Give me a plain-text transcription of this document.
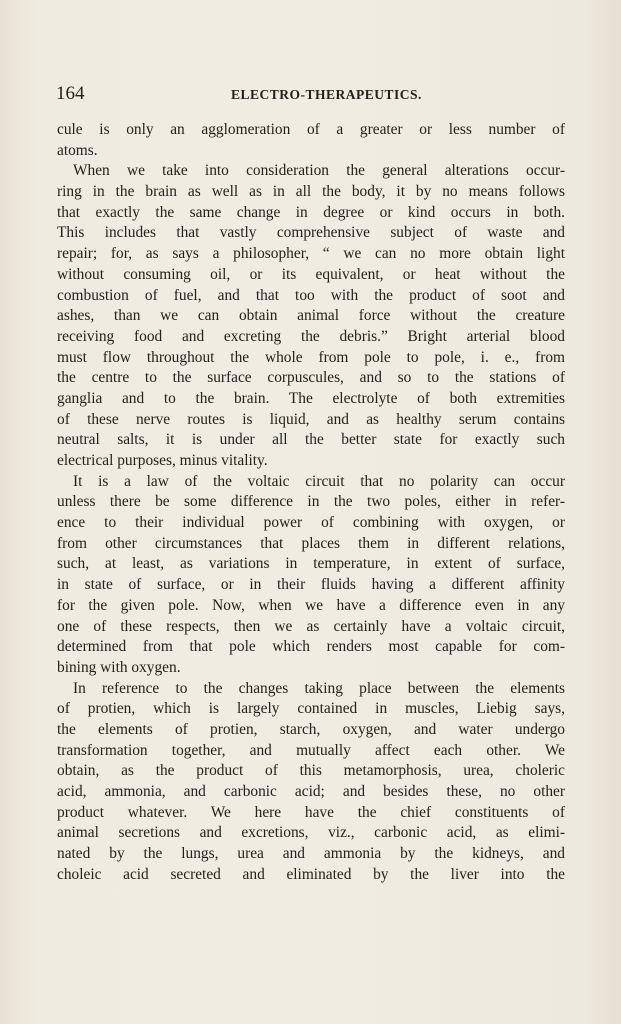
164	ELECTRO-THERAPEUTICS.
cule is only an agglomeration of a greater or less number of
atoms.
When we take into consideration the general alterations occur-
ring in the brain as well as in all the body, it by no means follows
that exactly the same change in degree or kind occurs in both.
This includes that vastly comprehensive subject of waste and
repair; for, as says a philosopher, “ we can no more obtain light
without consuming oil, or its equivalent, or heat without the
combustion of fuel, and that too with the product of soot and
ashes, than we can obtain animal force without the creature
receiving food and excreting the debris.” Bright arterial blood
must flow throughout the whole from pole to pole, i. e., from
the centre to the surface corpuscules, and so to the stations of
ganglia and to the brain. The electrolyte of both extremities
of these nerve routes is liquid, and as healthy serum contains
neutral salts, it is under all the better state for exactly such
electrical purposes, minus vitality.
It is a law of the voltaic circuit that no polarity can occur
unless there be some difference in the two poles, either in refer-
ence to their individual power of combining with oxygen, or
from other circumstances that places them in different relations,
such, at least, as variations in temperature, in extent of surface,
in state of surface, or in their fluids having a different affinity
for the given pole. Now, when we have a difference even in any
one of these respects, then we as certainly have a voltaic circuit,
determined from that pole which renders most capable for com-
bining with oxygen.
In reference to the changes taking place between the elements
of protien, which is largely contained in muscles, Liebig says,
the elements of protien, starch, oxygen, and water undergo
transformation together, and mutually affect each other. We
obtain, as the product of this metamorphosis, urea, choleric
acid, ammonia, and carbonic acid; and besides these, no other
product whatever. We here have the chief constituents of
animal secretions and excretions, viz., carbonic acid, as elimi-
nated by the lungs, urea and ammonia by the kidneys, and
choleic acid secreted and eliminated by the liver into the
